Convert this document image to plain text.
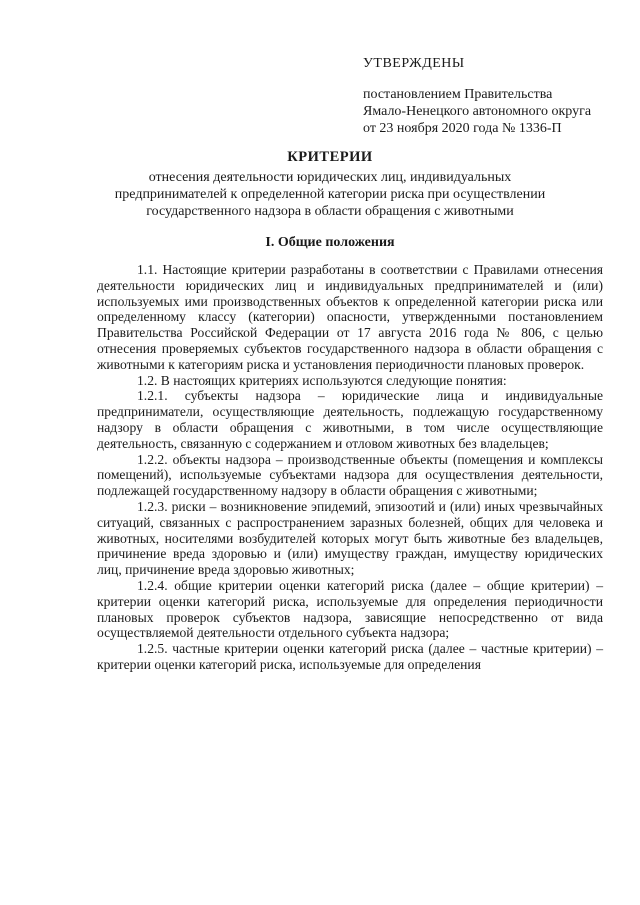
УТВЕРЖДЕНЫ
постановлением Правительства
Ямало-Ненецкого автономного округа
от 23 ноября 2020 года № 1336-П
КРИТЕРИИ
отнесения деятельности юридических лиц, индивидуальных
предпринимателей к определенной категории риска при осуществлении
государственного надзора в области обращения с животными
I. Общие положения

1.1. Настоящие критерии разработаны в соответствии с Правилами отнесения деятельности юридических лиц и индивидуальных предпринимателей и (или) используемых ими производственных объектов к определенной категории риска или определенному классу (категории) опасности, утвержденными постановлением Правительства Российской Федерации от 17 августа 2016 года № 806, с целью отнесения проверяемых субъектов государственного надзора в области обращения с животными к категориям риска и установления периодичности плановых проверок.

1.2. В настоящих критериях используются следующие понятия:

1.2.1. субъекты надзора – юридические лица и индивидуальные предприниматели, осуществляющие деятельность, подлежащую государственному надзору в области обращения с животными, в том числе осуществляющие деятельность, связанную с содержанием и отловом животных без владельцев;

1.2.2. объекты надзора – производственные объекты (помещения и комплексы помещений), используемые субъектами надзора для осуществления деятельности, подлежащей государственному надзору в области обращения с животными;

1.2.3. риски – возникновение эпидемий, эпизоотий и (или) иных чрезвычайных ситуаций, связанных с распространением заразных болезней, общих для человека и животных, носителями возбудителей которых могут быть животные без владельцев, причинение вреда здоровью и (или) имуществу граждан, имуществу юридических лиц, причинение вреда здоровью животных;

1.2.4. общие критерии оценки категорий риска (далее – общие критерии) – критерии оценки категорий риска, используемые для определения периодичности плановых проверок субъектов надзора, зависящие непосредственно от вида осуществляемой деятельности отдельного субъекта надзора;

1.2.5. частные критерии оценки категорий риска (далее – частные критерии) – критерии оценки категорий риска, используемые для определения
